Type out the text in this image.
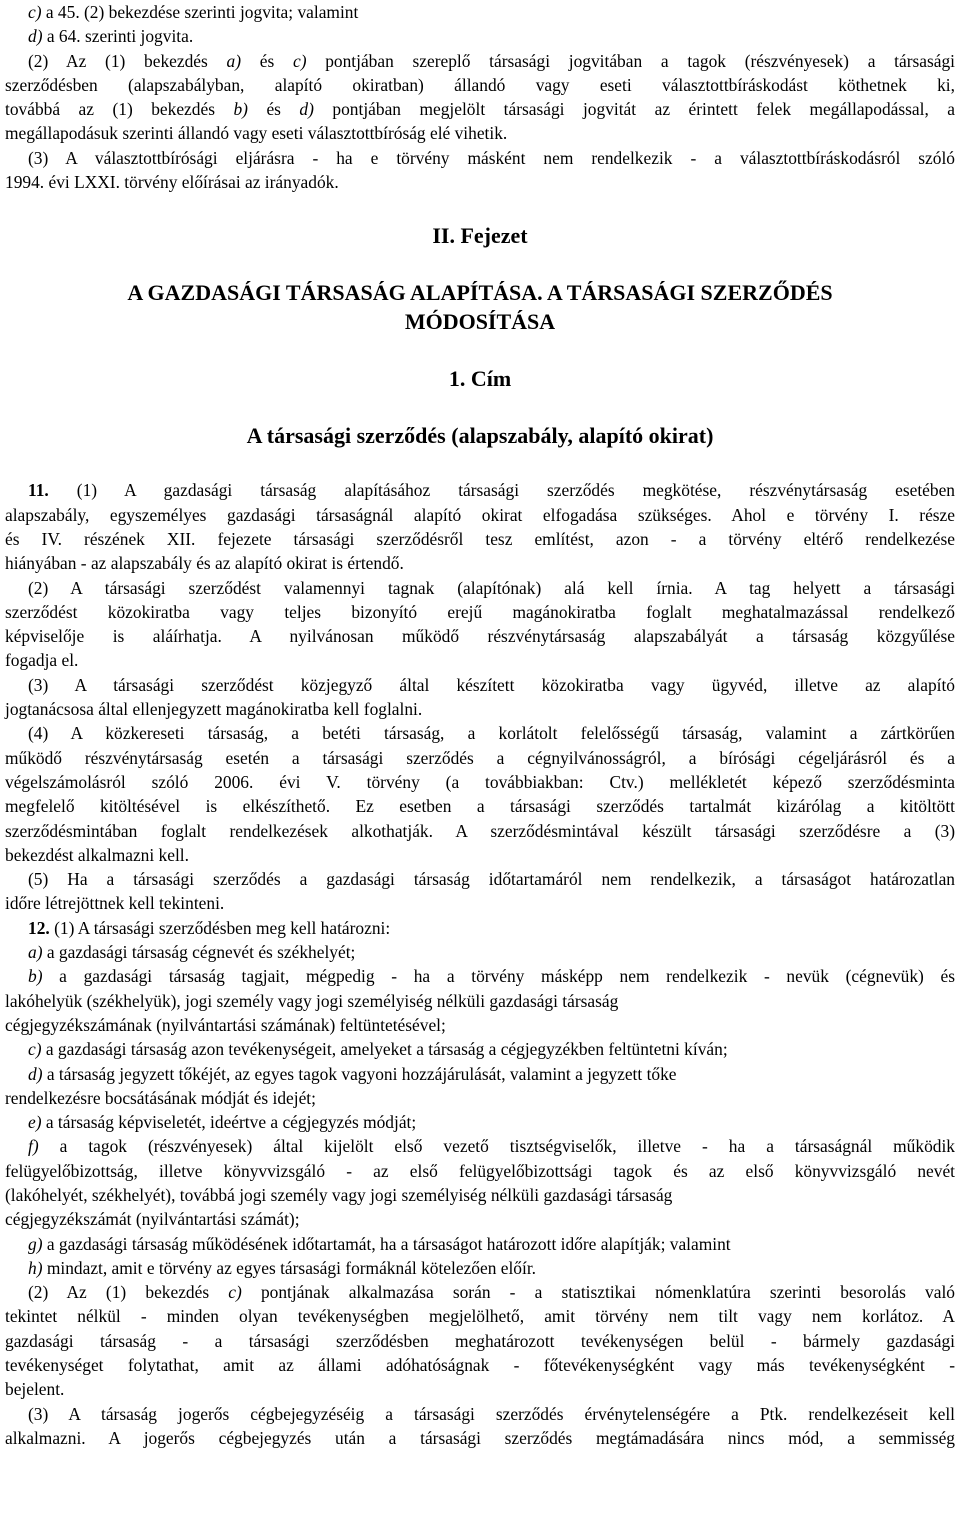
c) a 45. (2) bekezdése szerinti jogvita; valamint
d) a 64. szerinti jogvita.
(2) Az (1) bekezdés a) és c) pontjában szereplő társasági jogvitában a tagok (részvényesek) a társasági
szerződésben (alapszabályban, alapító okiratban) állandó vagy eseti választottbíráskodást köthetnek ki,
továbbá az (1) bekezdés b) és d) pontjában megjelölt társasági jogvitát az érintett felek megállapodással, a
megállapodásuk szerinti állandó vagy eseti választottbíróság elé vihetik.
(3) A választottbírósági eljárásra - ha e törvény másként nem rendelkezik - a választottbíráskodásról szóló
1994. évi LXXI. törvény előírásai az irányadók.
II. Fejezet
A GAZDASÁGI TÁRSASÁG ALAPÍTÁSA. A TÁRSASÁGI SZERZŐDÉS
MÓDOSÍTÁSA
1. Cím
A társasági szerződés (alapszabály, alapító okirat)
11. (1) A gazdasági társaság alapításához társasági szerződés megkötése, részvénytársaság esetében
alapszabály, egyszemélyes gazdasági társaságnál alapító okirat elfogadása szükséges. Ahol e törvény I. része
és IV. részének XII. fejezete társasági szerződésről tesz említést, azon - a törvény eltérő rendelkezése
hiányában - az alapszabály és az alapító okirat is értendő.
(2) A társasági szerződést valamennyi tagnak (alapítónak) alá kell írnia. A tag helyett a társasági
szerződést közokiratba vagy teljes bizonyító erejű magánokiratba foglalt meghatalmazással rendelkező
képviselője is aláírhatja. A nyilvánosan működő részvénytársaság alapszabályát a társaság közgyűlése
fogadja el.
(3) A társasági szerződést közjegyző által készített közokiratba vagy ügyvéd, illetve az alapító
jogtanácsosa által ellenjegyzett magánokiratba kell foglalni.
(4) A közkereseti társaság, a betéti társaság, a korlátolt felelősségű társaság, valamint a zártkörűen
működő részvénytársaság esetén a társasági szerződés a cégnyilvánosságról, a bírósági cégeljárásról és a
végelszámolásról szóló 2006. évi V. törvény (a továbbiakban: Ctv.) mellékletét képező szerződésminta
megfelelő kitöltésével is elkészíthető. Ez esetben a társasági szerződés tartalmát kizárólag a kitöltött
szerződésmintában foglalt rendelkezések alkothatják. A szerződésmintával készült társasági szerződésre a (3)
bekezdést alkalmazni kell.
(5) Ha a társasági szerződés a gazdasági társaság időtartamáról nem rendelkezik, a társaságot határozatlan
időre létrejöttnek kell tekinteni.
12. (1) A társasági szerződésben meg kell határozni:
a) a gazdasági társaság cégnevét és székhelyét;
b) a gazdasági társaság tagjait, mégpedig - ha a törvény másképp nem rendelkezik - nevük (cégnevük) és
lakóhelyük (székhelyük), jogi személy vagy jogi személyiség nélküli gazdasági társaság
cégjegyzékszámának (nyilvántartási számának) feltüntetésével;
c) a gazdasági társaság azon tevékenységeit, amelyeket a társaság a cégjegyzékben feltüntetni kíván;
d) a társaság jegyzett tőkéjét, az egyes tagok vagyoni hozzájárulását, valamint a jegyzett tőke
rendelkezésre bocsátásának módját és idejét;
e) a társaság képviseletét, ideértve a cégjegyzés módját;
f) a tagok (részvényesek) által kijelölt első vezető tisztségviselők, illetve - ha a társaságnál működik
felügyelőbizottság, illetve könyvvizsgáló - az első felügyelőbizottsági tagok és az első könyvvizsgáló nevét
(lakóhelyét, székhelyét), továbbá jogi személy vagy jogi személyiség nélküli gazdasági társaság
cégjegyzékszámát (nyilvántartási számát);
g) a gazdasági társaság működésének időtartamát, ha a társaságot határozott időre alapítják; valamint
h) mindazt, amit e törvény az egyes társasági formáknál kötelezően előír.
(2) Az (1) bekezdés c) pontjának alkalmazása során - a statisztikai nómenklatúra szerinti besorolás való
tekintet nélkül - minden olyan tevékenységben megjelölhető, amit törvény nem tilt vagy nem korlátoz. A
gazdasági társaság - a társasági szerződésben meghatározott tevékenységen belül - bármely gazdasági
tevékenységet folytathat, amit az állami adóhatóságnak - főtevékenységként vagy más tevékenységként -
bejelent.
(3) A társaság jogerős cégbejegyzéséig a társasági szerződés érvénytelenségére a Ptk. rendelkezéseit kell
alkalmazni. A jogerős cégbejegyzés után a társasági szerződés megtámadására nincs mód, a semmisség
